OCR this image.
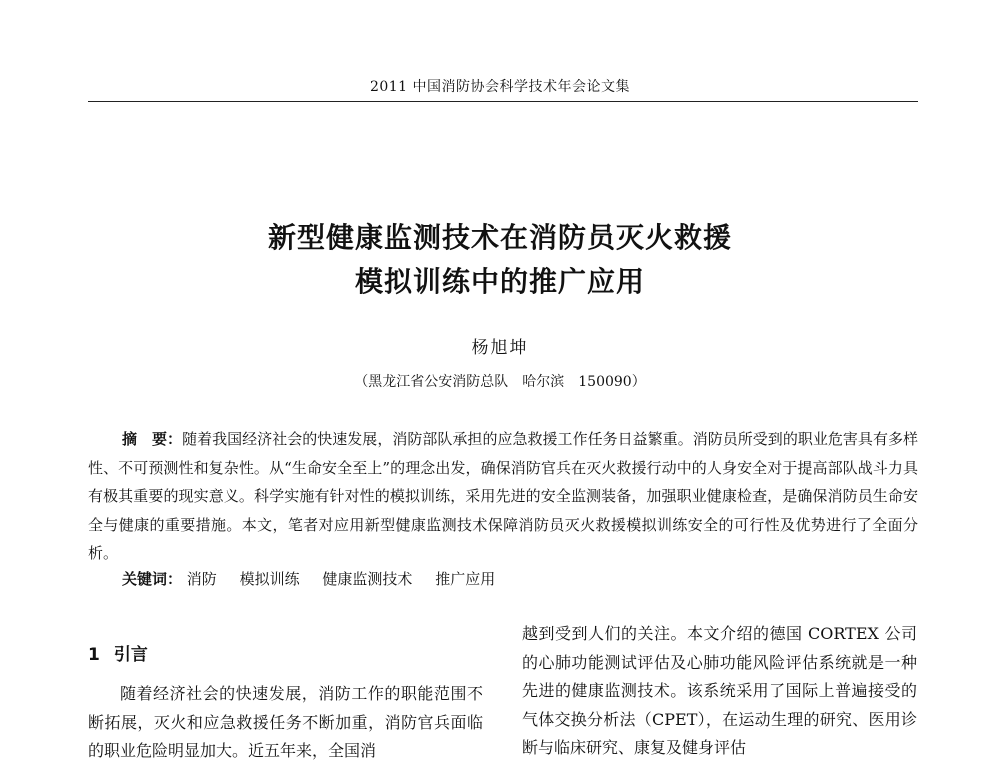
2011 中国消防协会科学技术年会论文集
新型健康监测技术在消防员灭火救援
模拟训练中的推广应用
杨旭坤
（黑龙江省公安消防总队　哈尔滨　150090）

摘　要：随着我国经济社会的快速发展，消防部队承担的应急救援工作任务日益繁重。消防员所受到的职业危害具有多样性、不可预测性和复杂性。从“生命安全至上”的理念出发，确保消防官兵在灭火救援行动中的人身安全对于提高部队战斗力具有极其重要的现实意义。科学实施有针对性的模拟训练，采用先进的安全监测装备，加强职业健康检查，是确保消防员生命安全与健康的重要措施。本文，笔者对应用新型健康监测技术保障消防员灭火救援模拟训练安全的可行性及优势进行了全面分析。

关键词： 消防 模拟训练 健康监测技术 推广应用
1 引言

随着经济社会的快速发展，消防工作的职能范围不断拓展，灭火和应急救援任务不断加重，消防官兵面临的职业危险明显加大。近五年来，全国消

越到受到人们的关注。本文介绍的德国 CORTEX 公司的心肺功能测试评估及心肺功能风险评估系统就是一种先进的健康监测技术。该系统采用了国际上普遍接受的气体交换分析法（CPET），在运动生理的研究、医用诊断与临床研究、康复及健身评估
